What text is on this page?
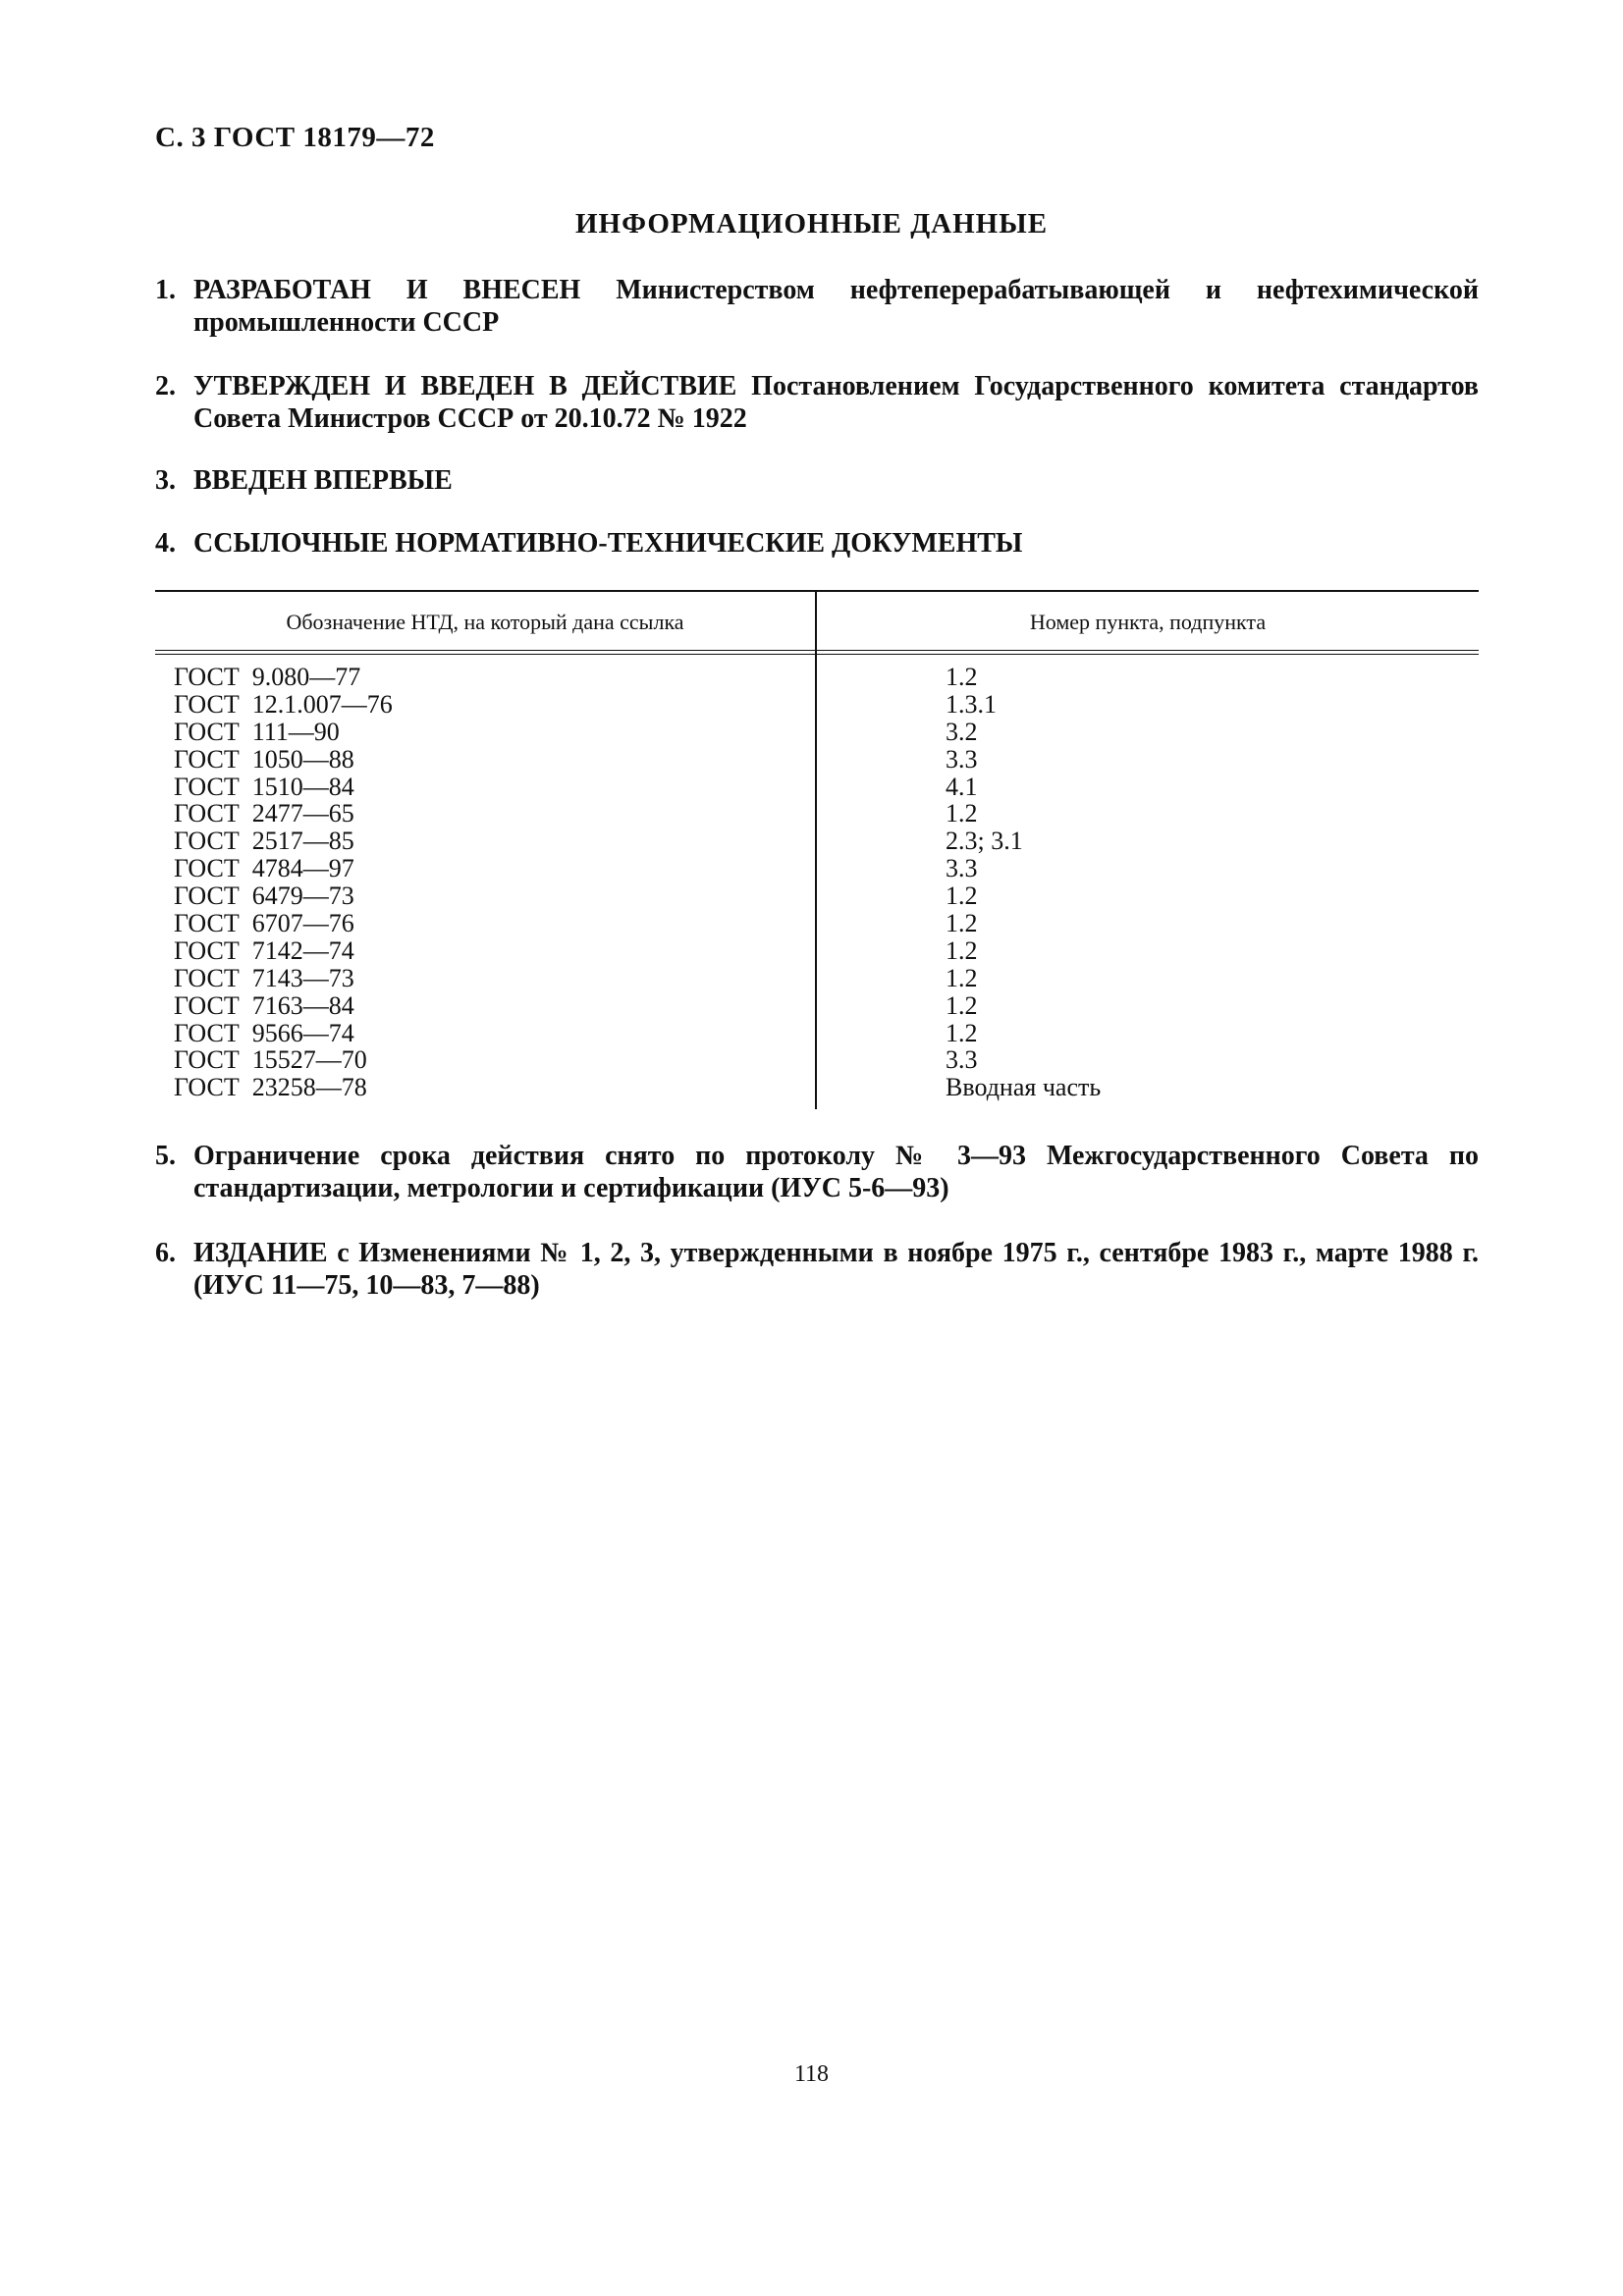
С. 3 ГОСТ 18179—72
ИНФОРМАЦИОННЫЕ ДАННЫЕ
1. РАЗРАБОТАН И ВНЕСЕН Министерством нефтеперерабатывающей и нефтехимической промышленности СССР
2. УТВЕРЖДЕН И ВВЕДЕН В ДЕЙСТВИЕ Постановлением Государственного комитета стандартов Совета Министров СССР от 20.10.72 № 1922
3. ВВЕДЕН ВПЕРВЫЕ
4. ССЫЛОЧНЫЕ НОРМАТИВНО-ТЕХНИЧЕСКИЕ ДОКУМЕНТЫ
Обозначение НТД, на который дана ссылка	Номер пункта, подпункта
ГОСТ  9.080—77	1.2
ГОСТ  12.1.007—76	1.3.1
ГОСТ  111—90	3.2
ГОСТ  1050—88	3.3
ГОСТ  1510—84	4.1
ГОСТ  2477—65	1.2
ГОСТ  2517—85	2.3; 3.1
ГОСТ  4784—97	3.3
ГОСТ  6479—73	1.2
ГОСТ  6707—76	1.2
ГОСТ  7142—74	1.2
ГОСТ  7143—73	1.2
ГОСТ  7163—84	1.2
ГОСТ  9566—74	1.2
ГОСТ  15527—70	3.3
ГОСТ  23258—78	Вводная часть
5. Ограничение срока действия снято по протоколу № 3—93 Межгосударственного Совета по стандартизации, метрологии и сертификации (ИУС 5-6—93)
6. ИЗДАНИЕ с Изменениями № 1, 2, 3, утвержденными в ноябре 1975 г., сентябре 1983 г., марте 1988 г. (ИУС 11—75, 10—83, 7—88)
118
